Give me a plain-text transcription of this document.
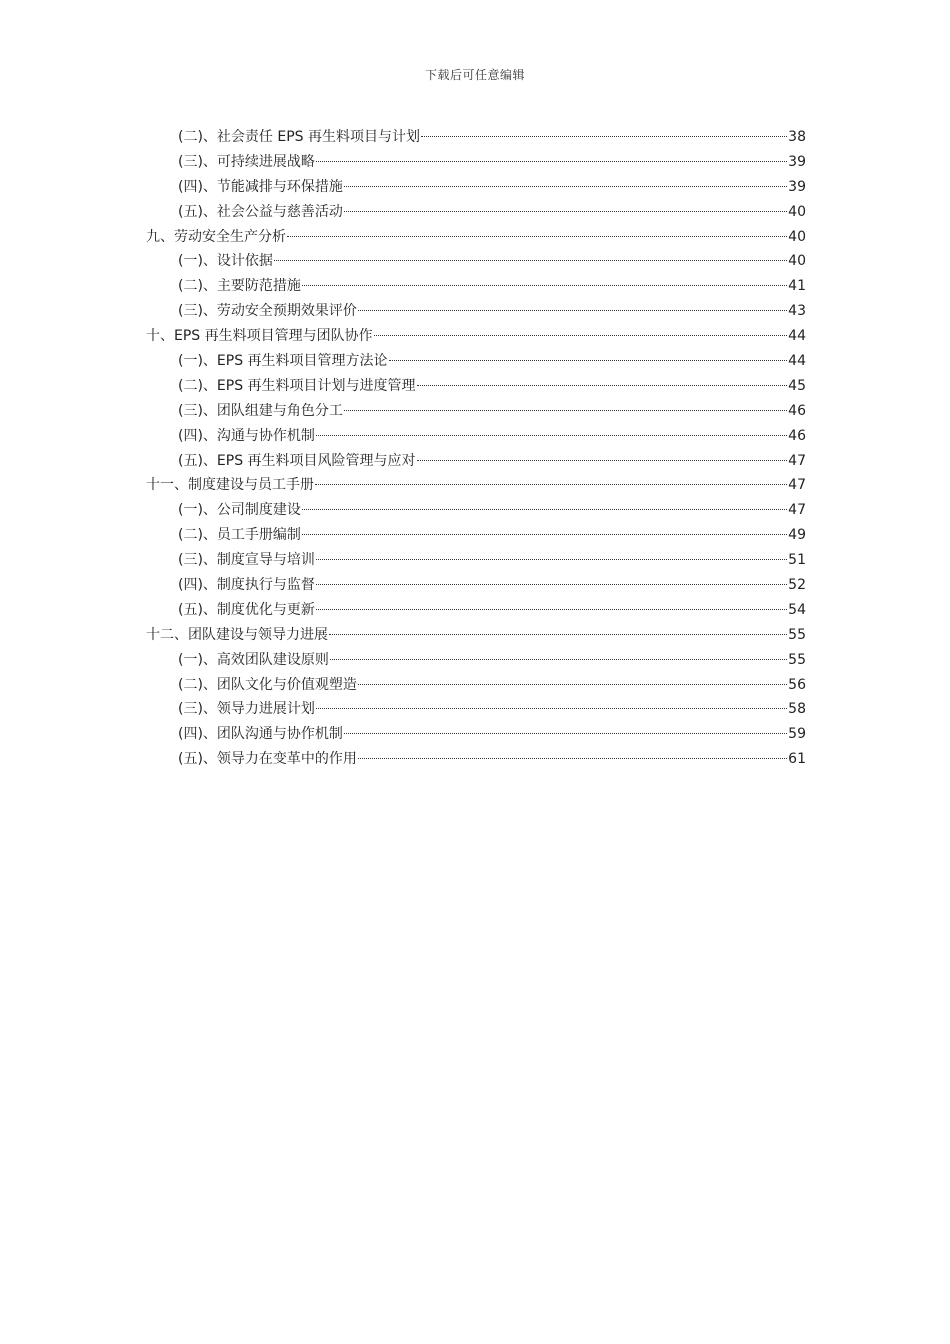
下载后可任意编辑
(二)、社会责任 EPS 再生料项目与计划	38
(三)、可持续进展战略	39
(四)、节能减排与环保措施	39
(五)、社会公益与慈善活动	40
九、劳动安全生产分析	40
(一)、设计依据	40
(二)、主要防范措施	41
(三)、劳动安全预期效果评价	43
十、EPS 再生料项目管理与团队协作	44
(一)、EPS 再生料项目管理方法论	44
(二)、EPS 再生料项目计划与进度管理	45
(三)、团队组建与角色分工	46
(四)、沟通与协作机制	46
(五)、EPS 再生料项目风险管理与应对	47
十一、制度建设与员工手册	47
(一)、公司制度建设	47
(二)、员工手册编制	49
(三)、制度宣导与培训	51
(四)、制度执行与监督	52
(五)、制度优化与更新	54
十二、团队建设与领导力进展	55
(一)、高效团队建设原则	55
(二)、团队文化与价值观塑造	56
(三)、领导力进展计划	58
(四)、团队沟通与协作机制	59
(五)、领导力在变革中的作用	61
